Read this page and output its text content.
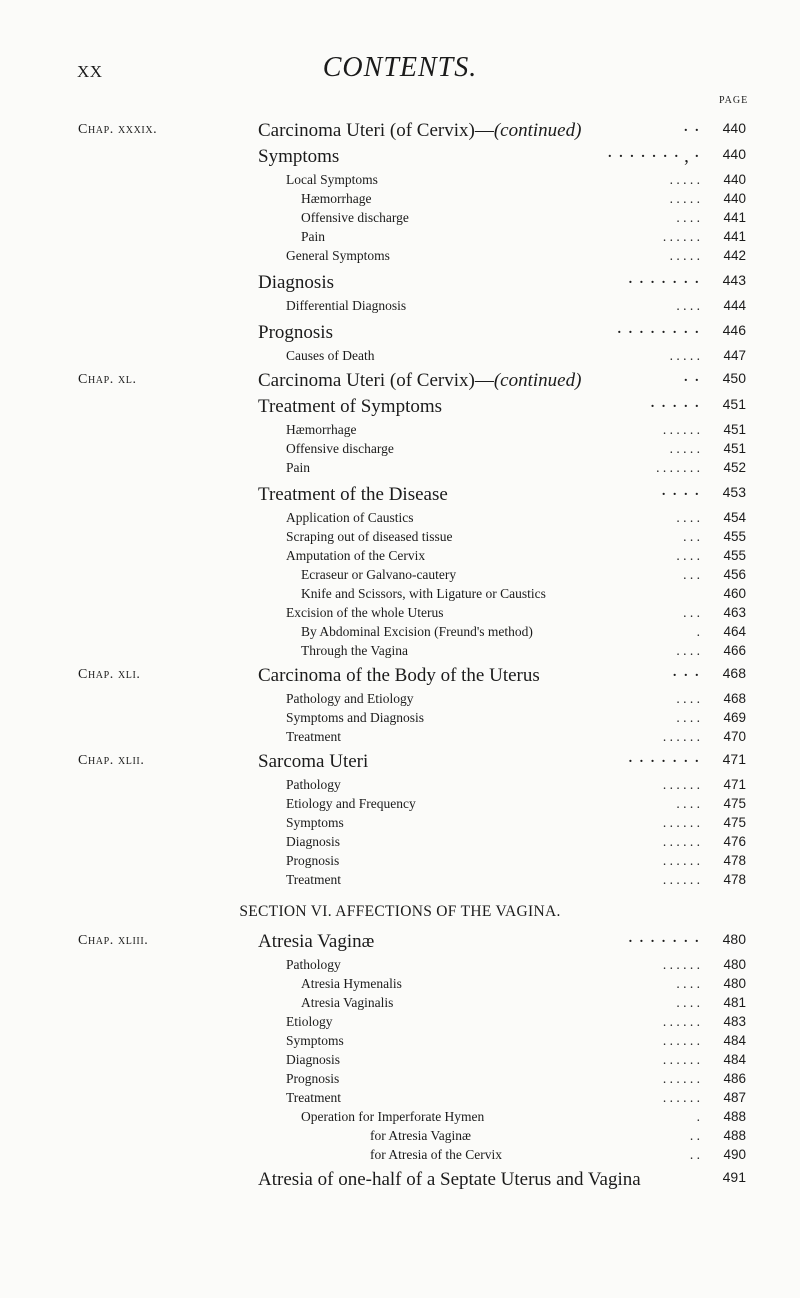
XX	CONTENTS.
PAGE
Chap. xxxix.	Carcinoma Uteri (of Cervix)—(continued)	· ·	440
Symptoms	· · · · · · · , ·	440
Local Symptoms	. . . . .	440
Hæmorrhage	. . . . .	440
Offensive discharge	. . . .	441
Pain	. . . . . .	441
General Symptoms	. . . . .	442
Diagnosis	· · · · · · ·	443
Differential Diagnosis	. . . .	444
Prognosis	· · · · · · · ·	446
Causes of Death	. . . . .	447
Chap. xl.	Carcinoma Uteri (of Cervix)—(continued)	· ·	450
Treatment of Symptoms	· · · · ·	451
Hæmorrhage	. . . . . .	451
Offensive discharge	. . . . .	451
Pain	. . . . . . .	452
Treatment of the Disease	· · · ·	453
Application of Caustics	. . . .	454
Scraping out of diseased tissue	. . .	455
Amputation of the Cervix	. . . .	455
Ecraseur or Galvano-cautery	. . .	456
Knife and Scissors, with Ligature or Caustics	460
Excision of the whole Uterus	. . .	463
By Abdominal Excision (Freund's method)	.	464
Through the Vagina	. . . .	466
Chap. xli.	Carcinoma of the Body of the Uterus	· · ·	468
Pathology and Etiology	. . . .	468
Symptoms and Diagnosis	. . . .	469
Treatment	. . . . . .	470
Chap. xlii.	Sarcoma Uteri	· · · · · · ·	471
Pathology	. . . . . .	471
Etiology and Frequency	. . . .	475
Symptoms	. . . . . .	475
Diagnosis	. . . . . .	476
Prognosis	. . . . . .	478
Treatment	. . . . . .	478
SECTION VI. AFFECTIONS OF THE VAGINA.
Chap. xliii.	Atresia Vaginæ	· · · · · · ·	480
Pathology	. . . . . .	480
Atresia Hymenalis	. . . .	480
Atresia Vaginalis	. . . .	481
Etiology	. . . . . .	483
Symptoms	. . . . . .	484
Diagnosis	. . . . . .	484
Prognosis	. . . . . .	486
Treatment	. . . . . .	487
Operation for Imperforate Hymen	.	488
for Atresia Vaginæ	. .	488
for Atresia of the Cervix	. .	490
Atresia of one-half of a Septate Uterus and Vagina	491
